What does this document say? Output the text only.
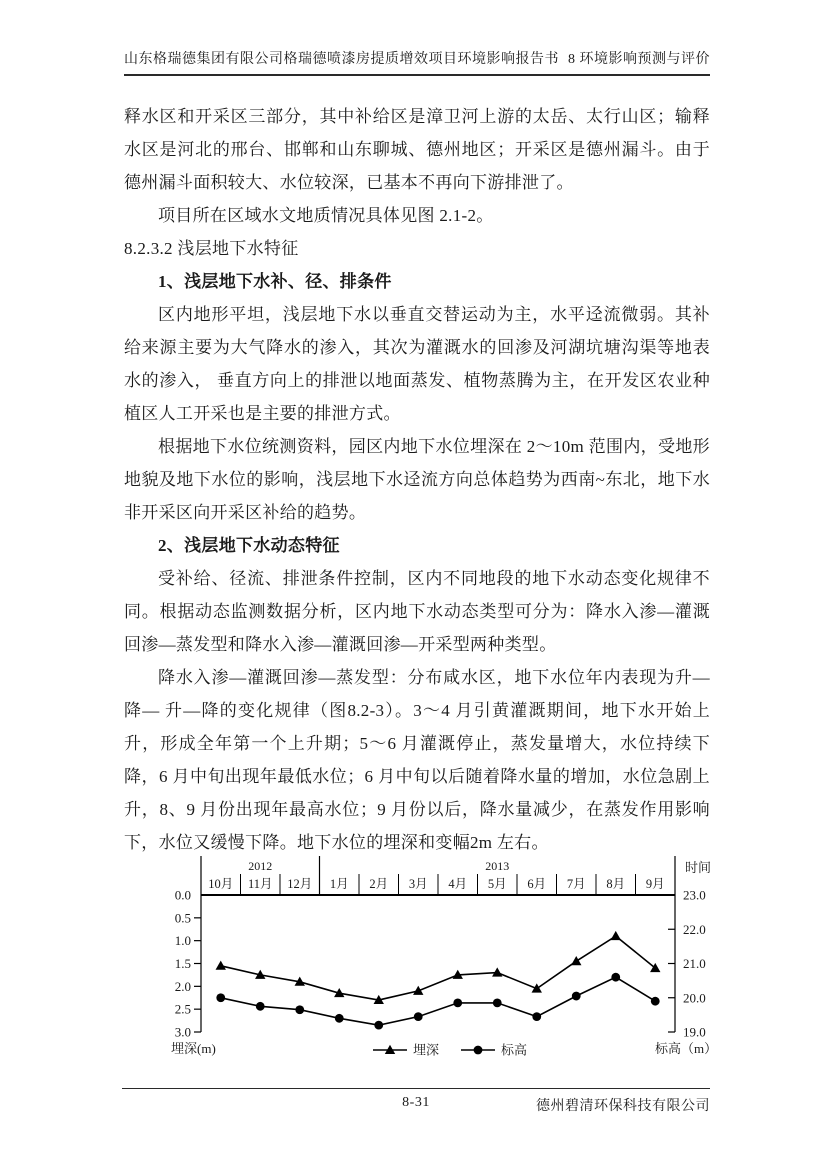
山东格瑞德集团有限公司格瑞德喷漆房提质增效项目环境影响报告书 8 环境影响预测与评价

释水区和开采区三部分，其中补给区是漳卫河上游的太岳、太行山区；输释水区是河北的邢台、邯郸和山东聊城、德州地区；开采区是德州漏斗。由于德州漏斗面积较大、水位较深，已基本不再向下游排泄了。

项目所在区域水文地质情况具体见图 2.1-2。

8.2.3.2 浅层地下水特征

1、浅层地下水补、径、排条件

区内地形平坦，浅层地下水以垂直交替运动为主，水平迳流微弱。其补给来源主要为大气降水的渗入，其次为灌溉水的回渗及河湖坑塘沟渠等地表水的渗入， 垂直方向上的排泄以地面蒸发、植物蒸腾为主，在开发区农业种植区人工开采也是主要的排泄方式。

根据地下水位统测资料，园区内地下水位埋深在 2～10m 范围内，受地形地貌及地下水位的影响，浅层地下水迳流方向总体趋势为西南~东北，地下水非开采区向开采区补给的趋势。

2、浅层地下水动态特征

受补给、径流、排泄条件控制，区内不同地段的地下水动态变化规律不同。根据动态监测数据分析，区内地下水动态类型可分为：降水入渗—灌溉回渗—蒸发型和降水入渗—灌溉回渗—开采型两种类型。

降水入渗—灌溉回渗—蒸发型：分布咸水区，地下水位年内表现为升—降— 升—降的变化规律（图8.2-3）。3～4 月引黄灌溉期间，地下水开始上升，形成全年第一个上升期；5～6 月灌溉停止，蒸发量增大，水位持续下降，6 月中旬出现年最低水位；6 月中旬以后随着降水量的增加，水位急剧上升，8、9 月份出现年最高水位；9 月份以后，降水量减少，在蒸发作用影响下，水位又缓慢下降。地下水位的埋深和变幅2m 左右。

2012	2013
10月 11月 12月 1月 2月 3月 4月 5月 6月 7月 8月 9月
0.0
0.5
1.0
1.5
2.0
2.5
3.0
23.0
22.0
21.0
20.0
19.0
时间
埋深(m)	标高（m）
埋深	标高
8-31	德州碧清环保科技有限公司
